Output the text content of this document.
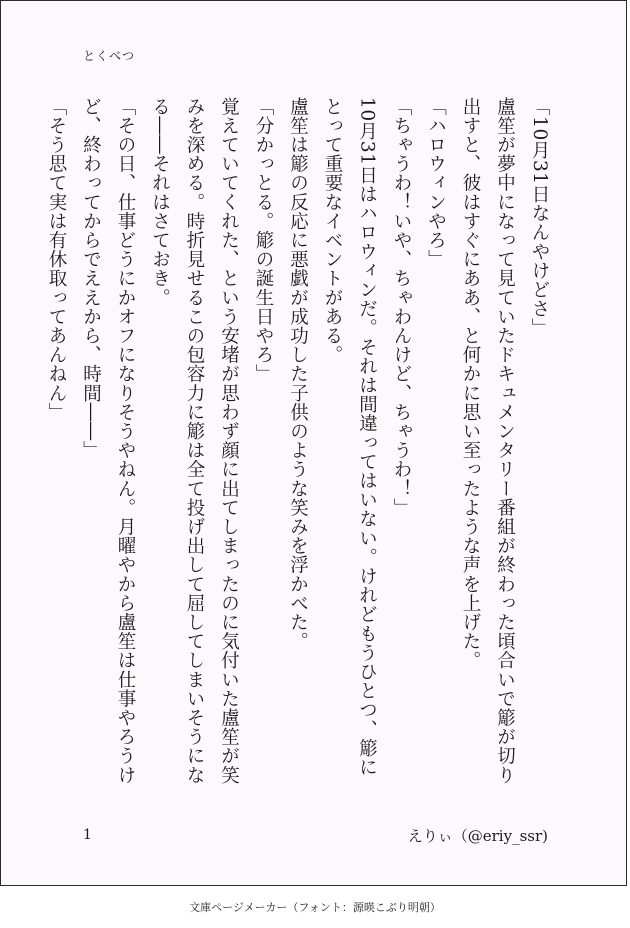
とくべつ

「10月31日なんやけどさ」

盧笙が夢中になって見ていたドキュメンタリー番組が終わった頃合いで簓が切り

出すと、彼はすぐにああ、と何かに思い至ったような声を上げた。

「ハロウィンやろ」

「ちゃうわ！いや、ちゃわんけど、ちゃうわ！」

10月31日はハロウィンだ。それは間違ってはいない。けれどもうひとつ、簓に

とって重要なイベントがある。

盧笙は簓の反応に悪戯が成功した子供のような笑みを浮かべた。

「分かっとる。簓の誕生日やろ」

覚えていてくれた、という安堵が思わず顔に出てしまったのに気付いた盧笙が笑

みを深める。時折見せるこの包容力に簓は全て投げ出して屈してしまいそうにな

る――それはさておき。

「その日、仕事どうにかオフになりそうやねん。月曜やから盧笙は仕事やろうけ

ど、終わってからでええから、時間――」

「そう思て実は有休取ってあんねん」

1	えりぃ（@eriy_ssr)
文庫ページメーカー（フォント：源暎こぶり明朝）
